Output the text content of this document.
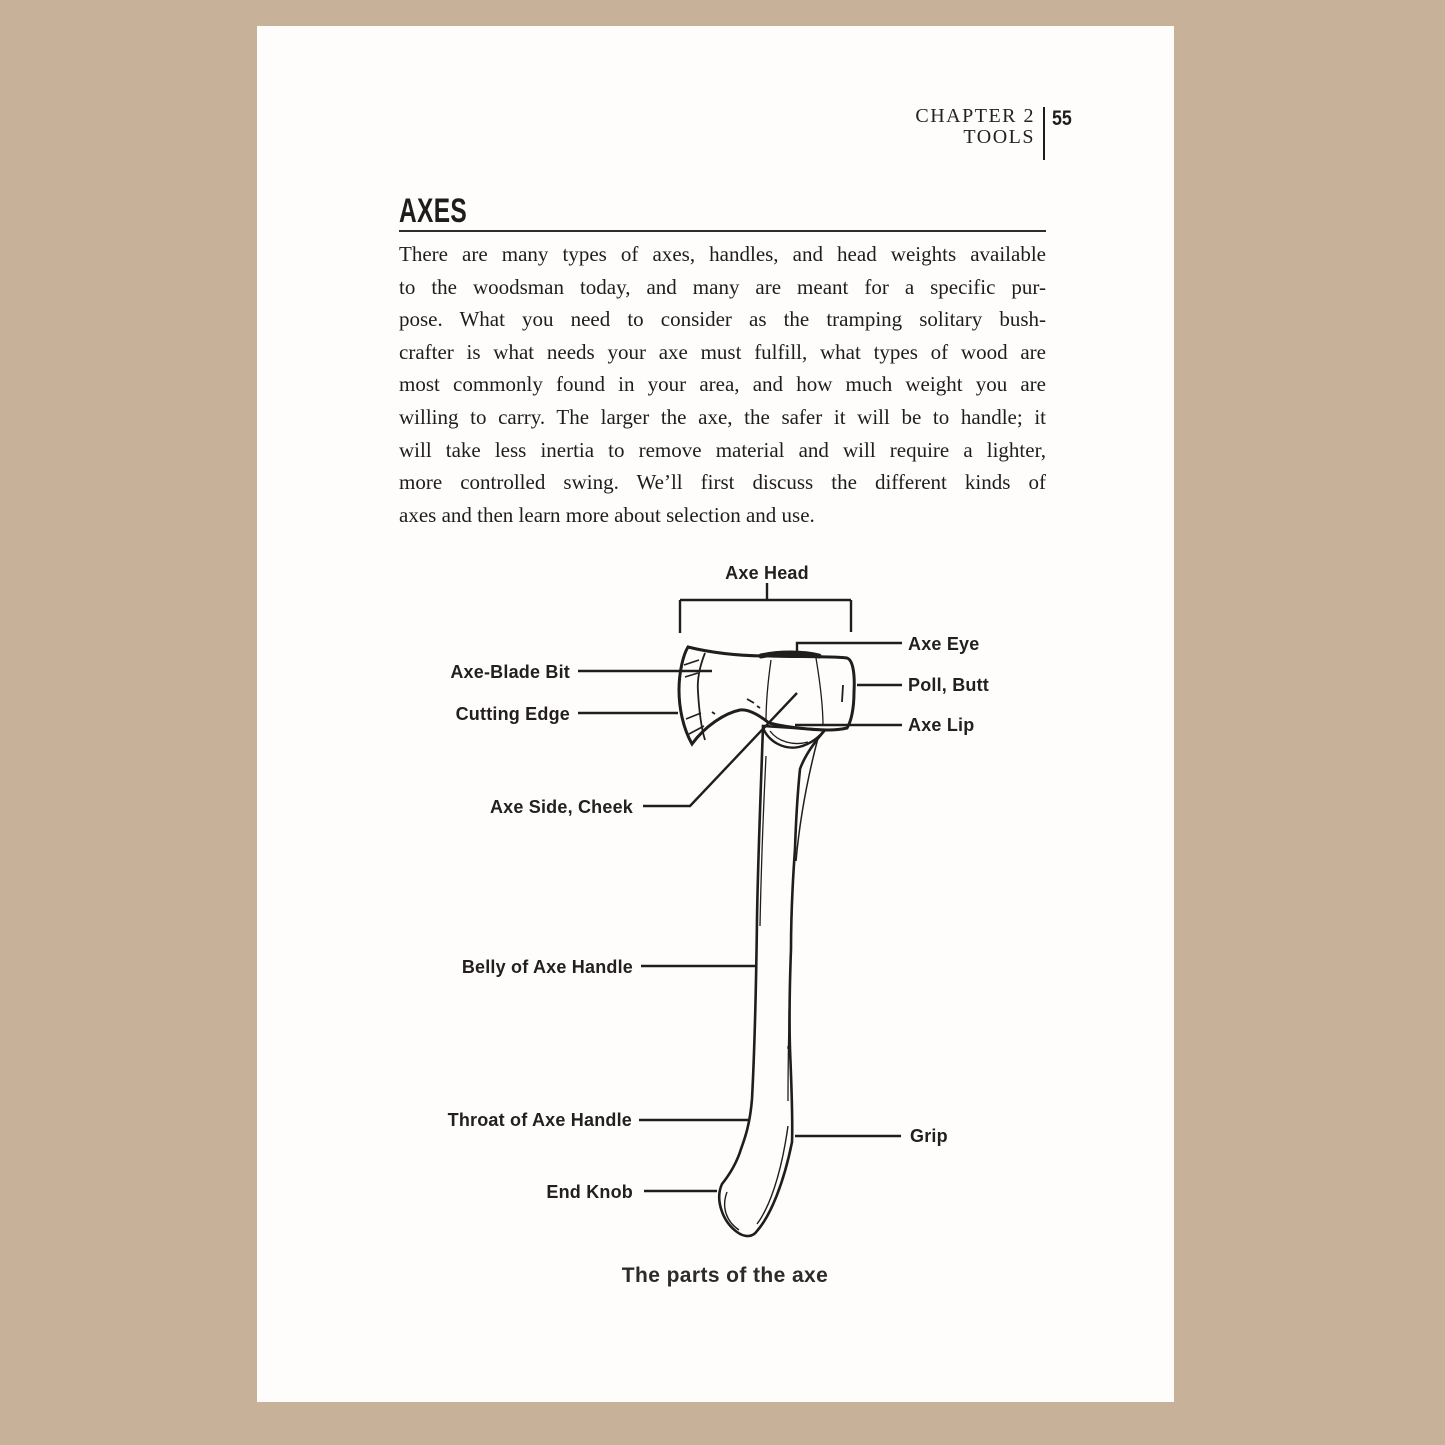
CHAPTER 2
TOOLS
55
AXES
There are many types of axes, handles, and head weights available
to the woodsman today, and many are meant for a specific pur-
pose. What you need to consider as the tramping solitary bush-
crafter is what needs your axe must fulfill, what types of wood are
most commonly found in your area, and how much weight you are
willing to carry. The larger the axe, the safer it will be to handle; it
will take less inertia to remove material and will require a lighter,
more controlled swing. We’ll first discuss the different kinds of
axes and then learn more about selection and use.
Axe Head
Axe Eye
Poll, Butt
Axe Lip
Axe-Blade Bit
Cutting Edge
Axe Side, Cheek
Belly of Axe Handle
Throat of Axe Handle
Grip
End Knob
The parts of the axe
